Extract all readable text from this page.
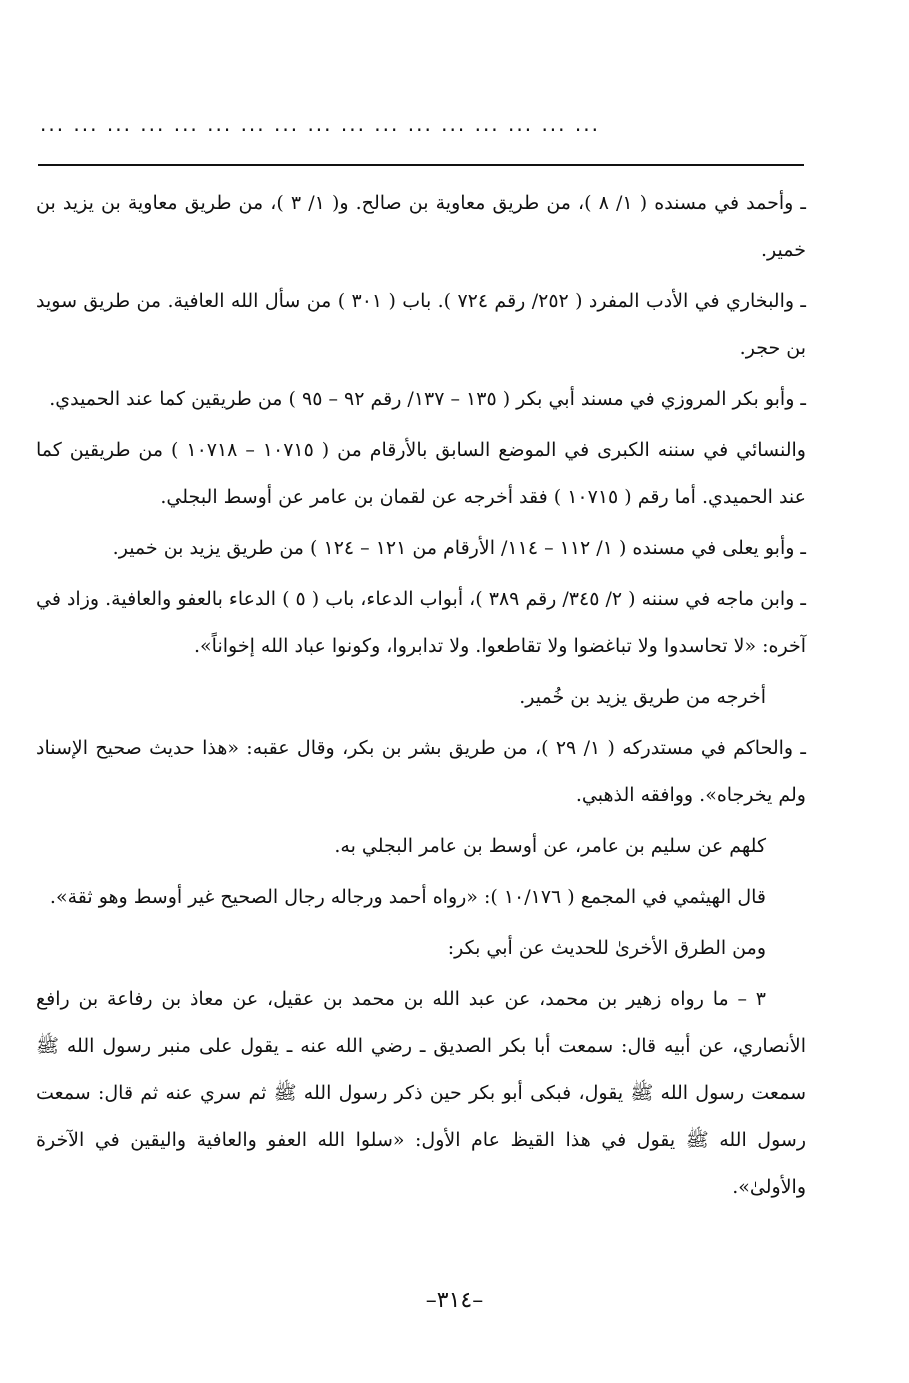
... ... ... ... ... ... ... ... ... ... ... ... ... ... ... ... ...

ـ وأحمد في مسنده ( ١/ ٨ )، من طريق معاوية بن صالح. و( ١/ ٣ )، من طريق معاوية بن يزيد بن خمير.

ـ والبخاري في الأدب المفرد ( ٢٥٢/ رقم ٧٢٤ ). باب ( ٣٠١ ) من سأل الله العافية. من طريق سويد بن حجر.

ـ وأبو بكر المروزي في مسند أبي بكر ( ١٣٥ – ١٣٧/ رقم ٩٢ – ٩٥ ) من طريقين كما عند الحميدي.

والنسائي في سننه الكبرى في الموضع السابق بالأرقام من ( ١٠٧١٥ – ١٠٧١٨ ) من طريقين كما عند الحميدي. أما رقم ( ١٠٧١٥ ) فقد أخرجه عن لقمان بن عامر عن أوسط البجلي.

ـ وأبو يعلى في مسنده ( ١/ ١١٢ – ١١٤/ الأرقام من ١٢١ – ١٢٤ ) من طريق يزيد بن خمير.

ـ وابن ماجه في سننه ( ٢/ ٣٤٥/ رقم ٣٨٩ )، أبواب الدعاء، باب ( ٥ ) الدعاء بالعفو والعافية. وزاد في آخره: «لا تحاسدوا ولا تباغضوا ولا تقاطعوا. ولا تدابروا، وكونوا عباد الله إخواناً».

أخرجه من طريق يزيد بن خُمير.

ـ والحاكم في مستدركه ( ١/ ٢٩ )، من طريق بشر بن بكر، وقال عقبه: «هذا حديث صحيح الإسناد ولم يخرجاه». ووافقه الذهبي.

كلهم عن سليم بن عامر، عن أوسط بن عامر البجلي به.

قال الهيثمي في المجمع ( ١٠/١٧٦ ): «رواه أحمد ورجاله رجال الصحيح غير أوسط وهو ثقة».

ومن الطرق الأخرىٰ للحديث عن أبي بكر:

٣ – ما رواه زهير بن محمد، عن عبد الله بن محمد بن عقيل، عن معاذ بن رفاعة بن رافع الأنصاري، عن أبيه قال: سمعت أبا بكر الصديق ـ رضي الله عنه ـ يقول على منبر رسول الله ﷺ سمعت رسول الله ﷺ يقول، فبكى أبو بكر حين ذكر رسول الله ﷺ ثم سري عنه ثم قال: سمعت رسول الله ﷺ يقول في هذا القيظ عام الأول: «سلوا الله العفو والعافية واليقين في الآخرة والأولىٰ».

–٣١٤–
